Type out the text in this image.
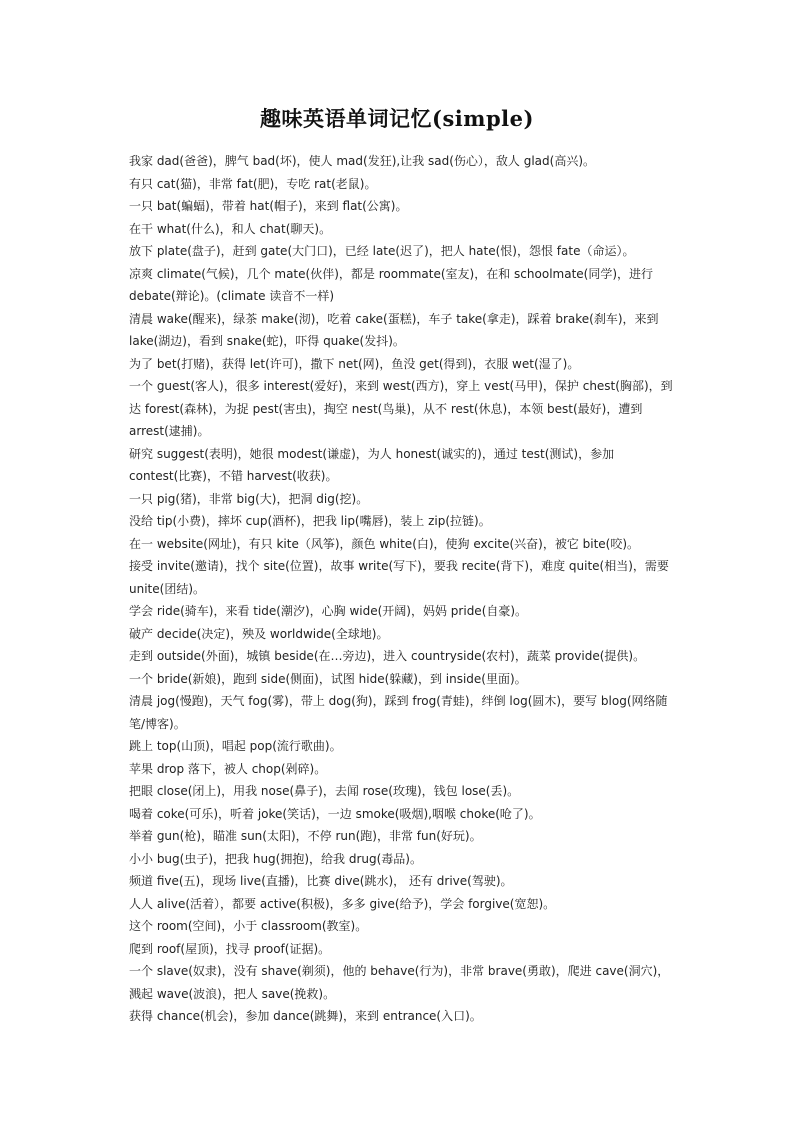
趣味英语单词记忆(simple)

我家 dad(爸爸)，脾气 bad(坏)，使人 mad(发狂),让我 sad(伤心），敌人 glad(高兴)。

有只 cat(猫)，非常 fat(肥)，专吃 rat(老鼠)。

一只 bat(蝙蝠)，带着 hat(帽子)，来到 flat(公寓)。

在干 what(什么)，和人 chat(聊天)。

放下 plate(盘子)，赶到 gate(大门口)，已经 late(迟了)，把人 hate(恨)，怨恨 fate（命运）。

凉爽 climate(气候)，几个 mate(伙伴)，都是 roommate(室友)，在和 schoolmate(同学)，进行 debate(辩论)。(climate 读音不一样)

清晨 wake(醒来)，绿茶 make(沏)，吃着 cake(蛋糕)，车子 take(拿走)，踩着 brake(刹车)，来到 lake(湖边)，看到 snake(蛇)，吓得 quake(发抖)。

为了 bet(打赌)，获得 let(许可)，撒下 net(网)，鱼没 get(得到)，衣服 wet(湿了)。

一个 guest(客人)，很多 interest(爱好)，来到 west(西方)，穿上 vest(马甲)，保护 chest(胸部)，到达 forest(森林)，为捉 pest(害虫)，掏空 nest(鸟巢)，从不 rest(休息)，本领 best(最好)，遭到 arrest(逮捕)。

研究 suggest(表明)，她很 modest(谦虚)，为人 honest(诚实的)，通过 test(测试)，参加 contest(比赛)，不错 harvest(收获)。

一只 pig(猪)，非常 big(大)，把洞 dig(挖)。

没给 tip(小费)，摔坏 cup(酒杯)，把我 lip(嘴唇)，装上 zip(拉链)。

在一 website(网址)，有只 kite（风筝)，颜色 white(白)，使狗 excite(兴奋)，被它 bite(咬)。

接受 invite(邀请)，找个 site(位置)，故事 write(写下)，要我 recite(背下)，难度 quite(相当)，需要 unite(团结)。

学会 ride(骑车)，来看 tide(潮汐)，心胸 wide(开阔)，妈妈 pride(自豪)。

破产 decide(决定)，殃及 worldwide(全球地)。

走到 outside(外面)，城镇 beside(在…旁边)，进入 countryside(农村)，蔬菜 provide(提供)。

一个 bride(新娘)，跑到 side(侧面)，试图 hide(躲藏)，到 inside(里面)。

清晨 jog(慢跑)，天气 fog(雾)，带上 dog(狗)，踩到 frog(青蛙)，绊倒 log(圆木)，要写 blog(网络随笔/博客)。

跳上 top(山顶)，唱起 pop(流行歌曲)。

苹果 drop 落下，被人 chop(剁碎)。

把眼 close(闭上)，用我 nose(鼻子)，去闻 rose(玫瑰)，钱包 lose(丢)。

喝着 coke(可乐)，听着 joke(笑话)，一边 smoke(吸烟),咽喉 choke(呛了)。

举着 gun(枪)，瞄准 sun(太阳)，不停 run(跑)，非常 fun(好玩)。

小小 bug(虫子)，把我 hug(拥抱)，给我 drug(毒品)。

频道 five(五)，现场 live(直播)，比赛 dive(跳水)， 还有 drive(驾驶)。

人人 alive(活着），都要 active(积极)，多多 give(给予)，学会 forgive(宽恕)。

这个 room(空间)，小于 classroom(教室)。

爬到 roof(屋顶)，找寻 proof(证据)。

一个 slave(奴隶)，没有 shave(剃须)，他的 behave(行为)，非常 brave(勇敢)，爬进 cave(洞穴)，溅起 wave(波浪)，把人 save(挽救)。

获得 chance(机会)，参加 dance(跳舞)，来到 entrance(入口)。
